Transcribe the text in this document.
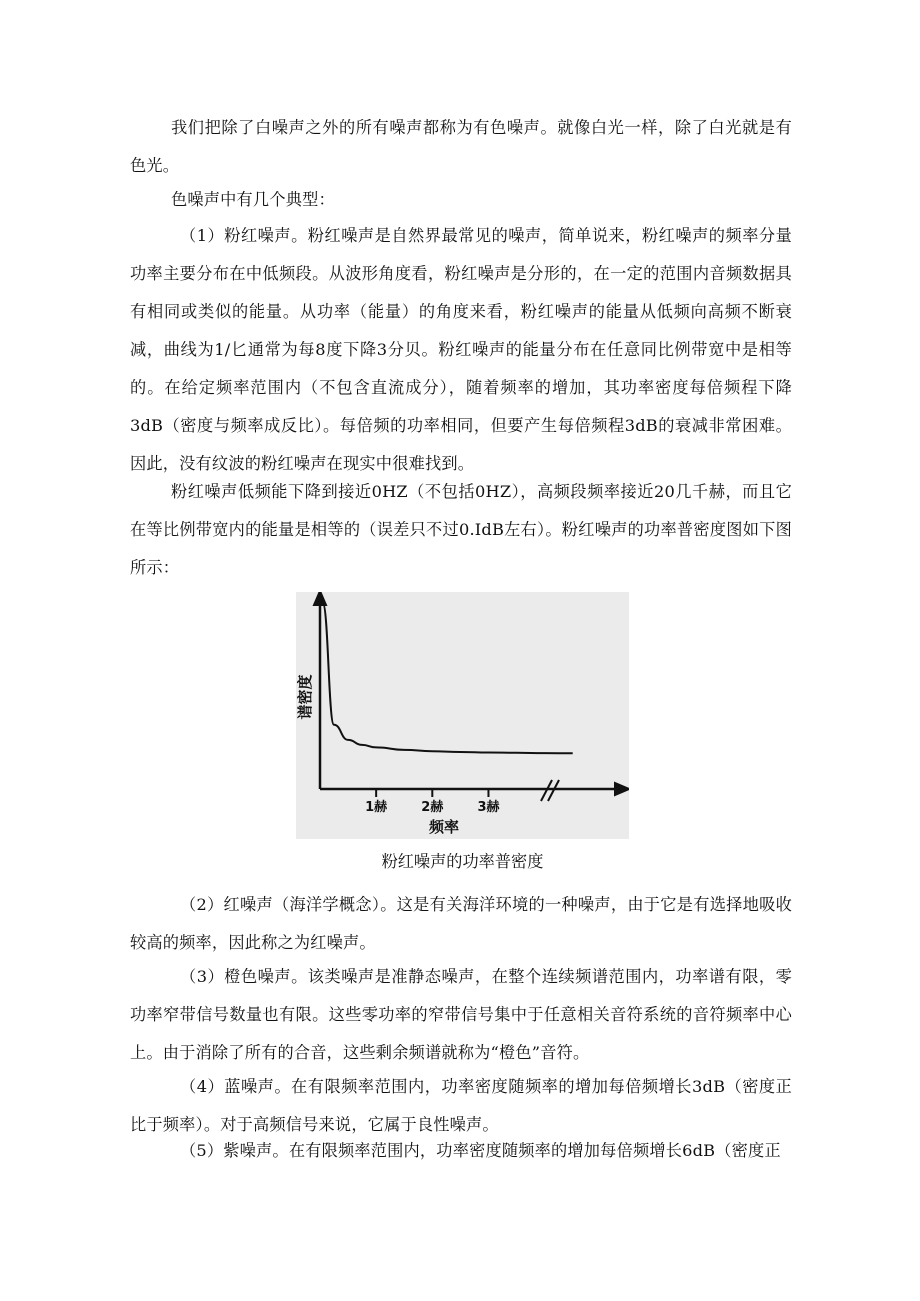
我们把除了白噪声之外的所有噪声都称为有色噪声。就像白光一样，除了白光就是有色光。

色噪声中有几个典型：

（1）粉红噪声。粉红噪声是自然界最常见的噪声，简单说来，粉红噪声的频率分量功率主要分布在中低频段。从波形角度看，粉红噪声是分形的，在一定的范围内音频数据具有相同或类似的能量。从功率（能量）的角度来看，粉红噪声的能量从低频向高频不断衰减，曲线为1/匕通常为每8度下降3分贝。粉红噪声的能量分布在任意同比例带宽中是相等的。在给定频率范围内（不包含直流成分），随着频率的增加，其功率密度每倍频程下降3dB（密度与频率成反比）。每倍频的功率相同，但要产生每倍频程3dB的衰减非常困难。因此，没有纹波的粉红噪声在现实中很难找到。

粉红噪声低频能下降到接近0HZ（不包括0HZ），高频段频率接近20几千赫，而且它在等比例带宽内的能量是相等的（误差只不过0.IdB左右）。粉红噪声的功率普密度图如下图所示：

1赫	2赫	3赫
频率
谱密度

粉红噪声的功率普密度

（2）红噪声（海洋学概念）。这是有关海洋环境的一种噪声，由于它是有选择地吸收较高的频率，因此称之为红噪声。

（3）橙色噪声。该类噪声是准静态噪声，在整个连续频谱范围内，功率谱有限，零功率窄带信号数量也有限。这些零功率的窄带信号集中于任意相关音符系统的音符频率中心上。由于消除了所有的合音，这些剩余频谱就称为“橙色”音符。

（4）蓝噪声。在有限频率范围内，功率密度随频率的增加每倍频增长3dB（密度正比于频率）。对于高频信号来说，它属于良性噪声。

（5）紫噪声。在有限频率范围内，功率密度随频率的增加每倍频增长6dB（密度正
